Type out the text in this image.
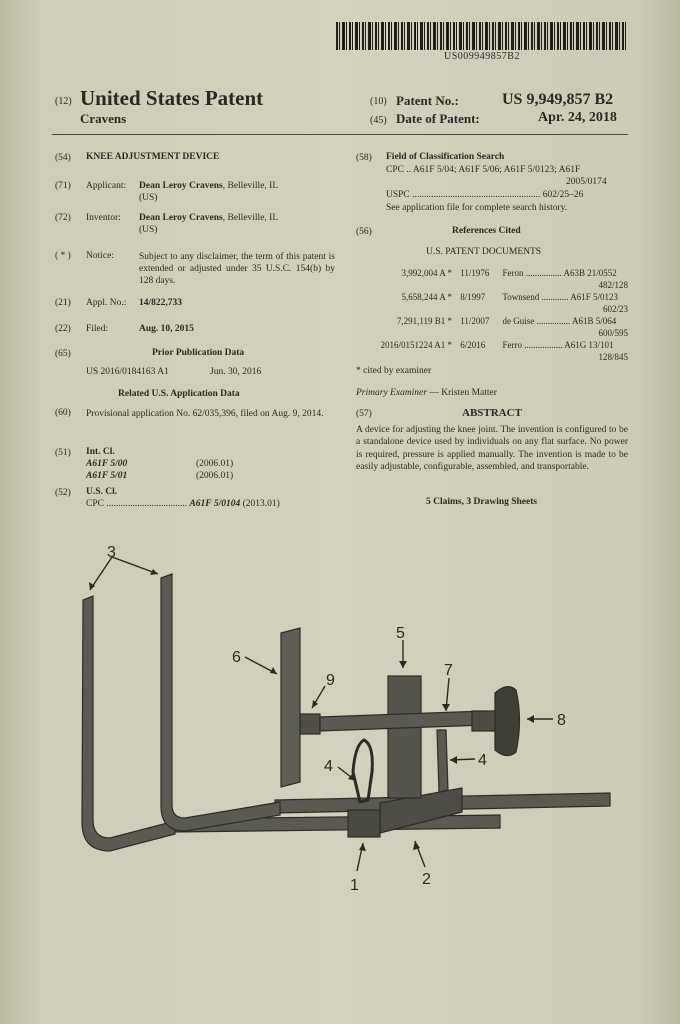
US009949857B2
(12) United States Patent
Cravens
(10) Patent No.:	US 9,949,857 B2
(45) Date of Patent:	Apr. 24, 2018
(54) KNEE ADJUSTMENT DEVICE
(71) Applicant: Dean Leroy Cravens, Belleville, IL
(US)
(72) Inventor: Dean Leroy Cravens, Belleville, IL
(US)
( * ) Notice:	Subject to any disclaimer, the term of this patent is extended or adjusted under 35 U.S.C. 154(b) by 128 days.
(21) Appl. No.: 14/822,733
(22) Filed:	Aug. 10, 2015
(65)	Prior Publication Data
US 2016/0184163 A1	Jun. 30, 2016
Related U.S. Application Data
(60) Provisional application No. 62/035,396, filed on Aug. 9, 2014.
(51) Int. Cl.
A61F 5/00	(2006.01)
A61F 5/01	(2006.01)
(52) U.S. Cl.
CPC .................................. A61F 5/0104 (2013.01)
(58) Field of Classification Search
CPC .. A61F 5/04; A61F 5/06; A61F 5/0123; A61F
2005/0174
USPC ...................................................... 602/25–26
See application file for complete search history.
(56)	References Cited
U.S. PATENT DOCUMENTS
3,992,004 A * 11/1976 Feron ................ A63B 21/0552
482/128
5,658,244 A * 8/1997 Townsend ............ A61F 5/0123
602/23
7,291,119 B1 * 11/2007 de Guise ............... A61B 5/064
600/595
2016/0151224 A1 * 6/2016 Ferro ................. A61G 13/101
128/845
* cited by examiner
Primary Examiner — Kristen Matter
(57)	ABSTRACT
A device for adjusting the knee joint. The invention is configured to be a standalone device used by individuals on any flat surface. No power is required, pressure is applied manually. The invention is made to be easily adjustable, configurable, assembled, and transportable.
5 Claims, 3 Drawing Sheets
3
6
5
7
9
8
4	4
1	2
